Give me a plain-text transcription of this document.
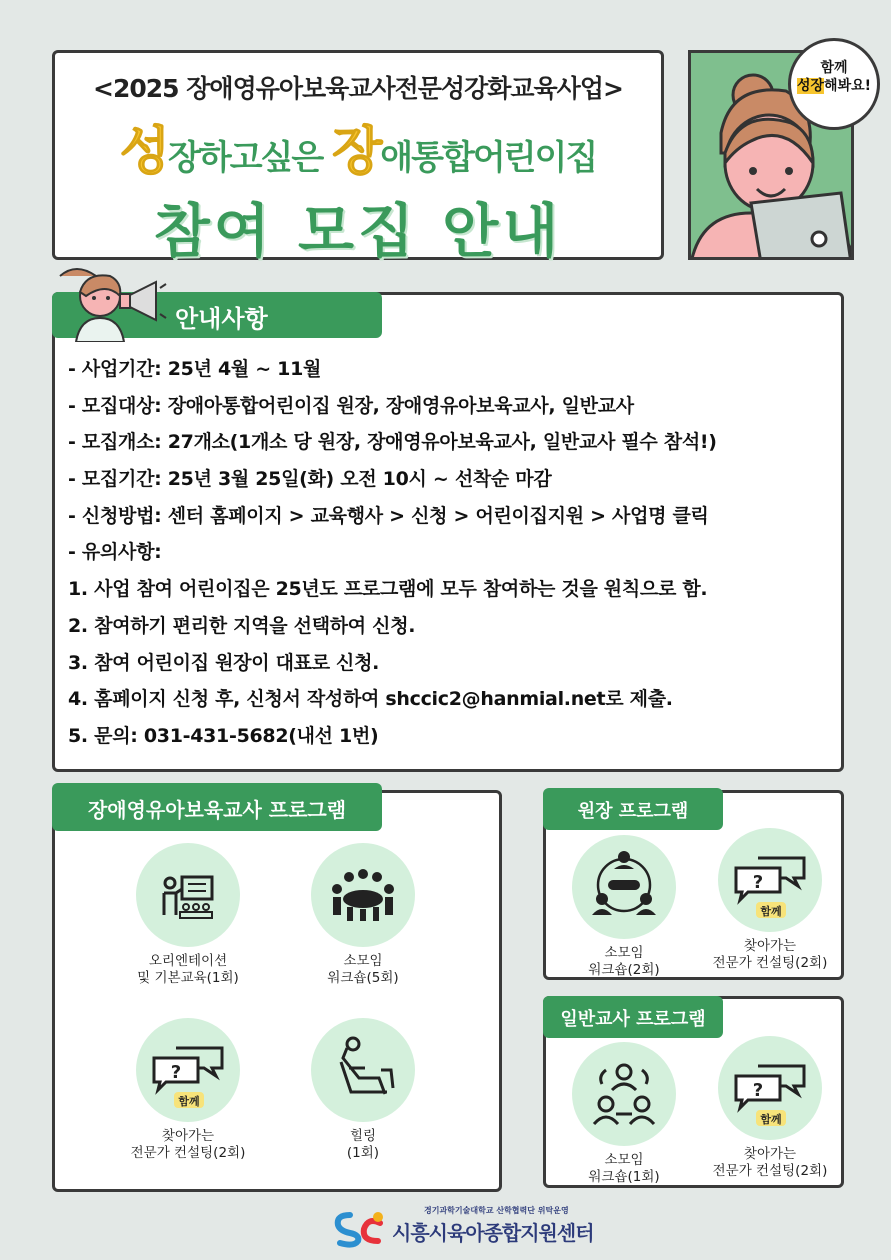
<2025 장애영유아보육교사전문성강화교육사업>
성장하고싶은 장애통합어린이집
참여 모집 안내
함께
성장해봐요!
안내사항
- 사업기간: 25년 4월 ~ 11월
- 모집대상: 장애아통합어린이집 원장, 장애영유아보육교사, 일반교사
- 모집개소: 27개소(1개소 당 원장, 장애영유아보육교사, 일반교사 필수 참석!)
- 모집기간: 25년 3월 25일(화) 오전 10시 ~ 선착순 마감
- 신청방법: 센터 홈페이지 > 교육행사 > 신청 > 어린이집지원 > 사업명 클릭
- 유의사항:
1. 사업 참여 어린이집은 25년도 프로그램에 모두 참여하는 것을 원칙으로 함.
2. 참여하기 편리한 지역을 선택하여 신청.
3. 참여 어린이집 원장이 대표로 신청.
4. 홈페이지 신청 후, 신청서 작성하여 shccic2@hanmial.net로 제출.
5. 문의: 031-431-5682(내선 1번)
장애영유아보육교사 프로그램
오리엔테이션
및 기본교육(1회)
소모임
워크숍(5회)
?
함께
찾아가는
전문가 컨설팅(2회)
힐링
(1회)
원장 프로그램
소모임
워크숍(2회)
?
함께
찾아가는
전문가 컨설팅(2회)
일반교사 프로그램
소모임
워크숍(1회)
?
함께
찾아가는
전문가 컨설팅(2회)
경기과학기술대학교 산학협력단 위탁운영
시흥시육아종합지원센터
